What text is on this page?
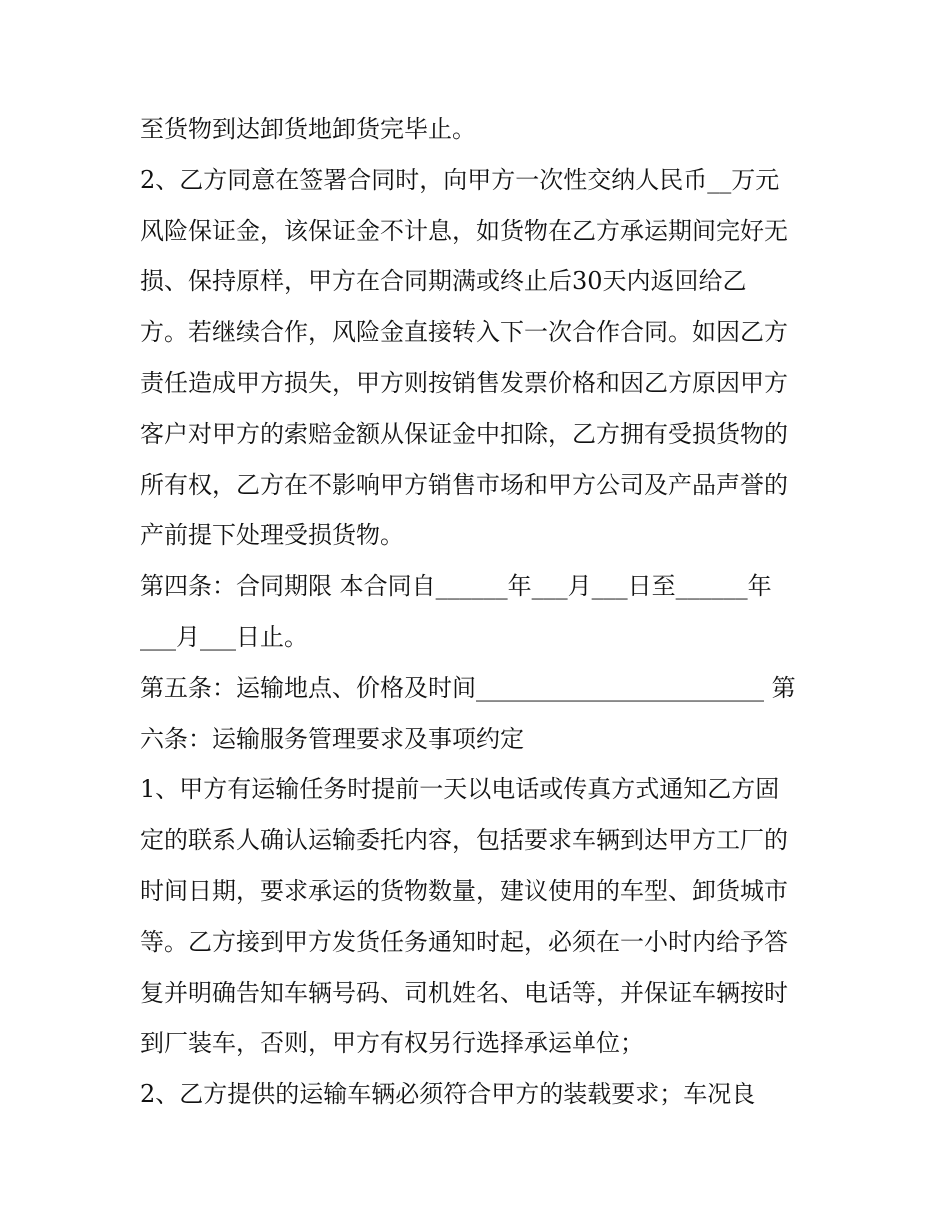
至货物到达卸货地卸货完毕止。
2、乙方同意在签署合同时，向甲方一次性交纳人民币__万元
风险保证金，该保证金不计息，如货物在乙方承运期间完好无
损、保持原样，甲方在合同期满或终止后30天内返回给乙
方。若继续合作，风险金直接转入下一次合作合同。如因乙方
责任造成甲方损失，甲方则按销售发票价格和因乙方原因甲方
客户对甲方的索赔金额从保证金中扣除，乙方拥有受损货物的
所有权，乙方在不影响甲方销售市场和甲方公司及产品声誉的
产前提下处理受损货物。
第四条：合同期限 本合同自______年___月___日至______年
___月___日止。
第五条：运输地点、价格及时间________________________ 第
六条：运输服务管理要求及事项约定
1、甲方有运输任务时提前一天以电话或传真方式通知乙方固
定的联系人确认运输委托内容，包括要求车辆到达甲方工厂的
时间日期，要求承运的货物数量，建议使用的车型、卸货城市
等。乙方接到甲方发货任务通知时起，必须在一小时内给予答
复并明确告知车辆号码、司机姓名、电话等，并保证车辆按时
到厂装车，否则，甲方有权另行选择承运单位；
2、乙方提供的运输车辆必须符合甲方的装载要求；车况良
